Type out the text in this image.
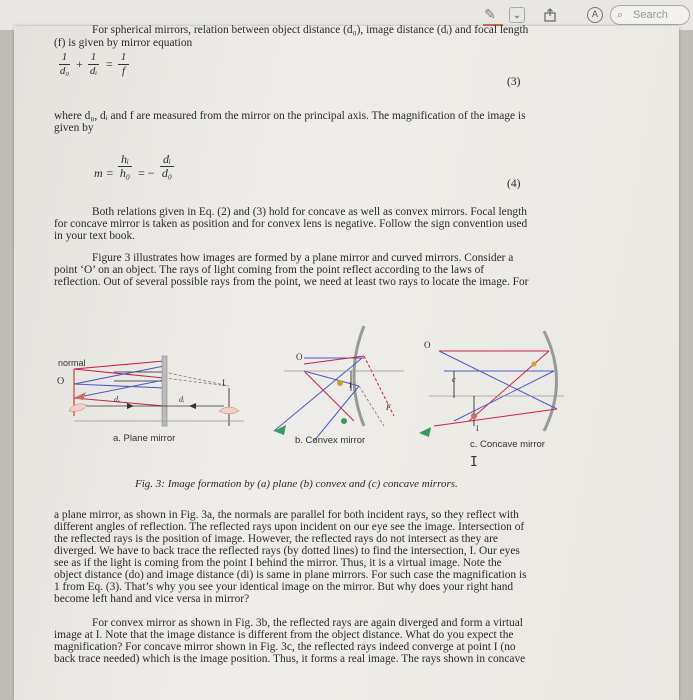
✎	⌄	A	⌕ Search
For spherical mirrors, relation between object distance (d₀), image distance (dᵢ) and focal length
(f) is given by mirror equation
1
d₀ + 1
dᵢ = 1
f
(3)
where d₀, dᵢ and f are measured from the mirror on the principal axis. The magnification of the image is
given by
m =
hᵢ
h₀ = −
dᵢ
d₀
(4)
Both relations given in Eq. (2) and (3) hold for concave as well as convex mirrors. Focal length
for concave mirror is taken as position and for convex lens is negative. Follow the sign convention used
in your text book.
Figure 3 illustrates how images are formed by a plane mirror and curved mirrors. Consider a
point ‘O’ on an object. The rays of light coming from the point reflect according to the laws of
reflection. Out of several possible rays from the point, we need at least two rays to locate the image. For
normal
O
dₒ	dᵢ
I
O
I
F
O
I
c
a. Plane mirror	b. Convex mirror	c. Concave mirror
I
Fig. 3: Image formation by (a) plane (b) convex and (c) concave mirrors.
a plane mirror, as shown in Fig. 3a, the normals are parallel for both incident rays, so they reflect with
different angles of reflection. The reflected rays upon incident on our eye see the image. Intersection of
the reflected rays is the position of image. However, the reflected rays do not intersect as they are
diverged. We have to back trace the reflected rays (by dotted lines) to find the intersection, I. Our eyes
see as if the light is coming from the point I behind the mirror. Thus, it is a virtual image. Note the
object distance (do) and image distance (di) is same in plane mirrors. For such case the magnification is
1 from Eq. (3). That’s why you see your identical image on the mirror. But why does your right hand
become left hand and vice versa in mirror?
For convex mirror as shown in Fig. 3b, the reflected rays are again diverged and form a virtual
image at I. Note that the image distance is different from the object distance. What do you expect the
magnification? For concave mirror shown in Fig. 3c, the reflected rays indeed converge at point I (no
back trace needed) which is the image position. Thus, it forms a real image. The rays shown in concave
